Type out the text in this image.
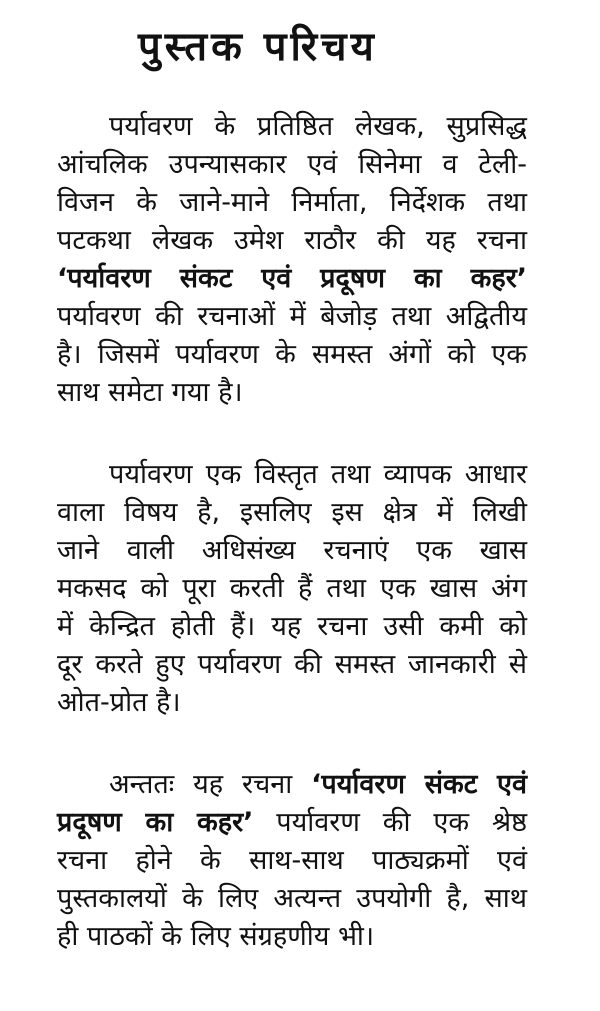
पुस्तक परिचय

पर्यावरण के प्रतिष्ठित लेखक, सुप्रसिद्ध
आंचलिक उपन्यासकार एवं सिनेमा व टेली-
विजन के जाने-माने निर्माता, निर्देशक तथा
पटकथा लेखक उमेश राठौर की यह रचना
‘पर्यावरण संकट एवं प्रदूषण का कहर’
पर्यावरण की रचनाओं में बेजोड़ तथा अद्वितीय
है। जिसमें पर्यावरण के समस्त अंगों को एक
साथ समेटा गया है।

पर्यावरण एक विस्तृत तथा व्यापक आधार
वाला विषय है, इसलिए इस क्षेत्र में लिखी
जाने वाली अधिसंख्य रचनाएं एक खास
मकसद को पूरा करती हैं तथा एक खास अंग
में केन्द्रित होती हैं। यह रचना उसी कमी को
दूर करते हुए पर्यावरण की समस्त जानकारी से
ओत-प्रोत है।

अन्ततः यह रचना ‘पर्यावरण संकट एवं
प्रदूषण का कहर’ पर्यावरण की एक श्रेष्ठ
रचना होने के साथ-साथ पाठ्यक्रमों एवं
पुस्तकालयों के लिए अत्यन्त उपयोगी है, साथ
ही पाठकों के लिए संग्रहणीय भी।
